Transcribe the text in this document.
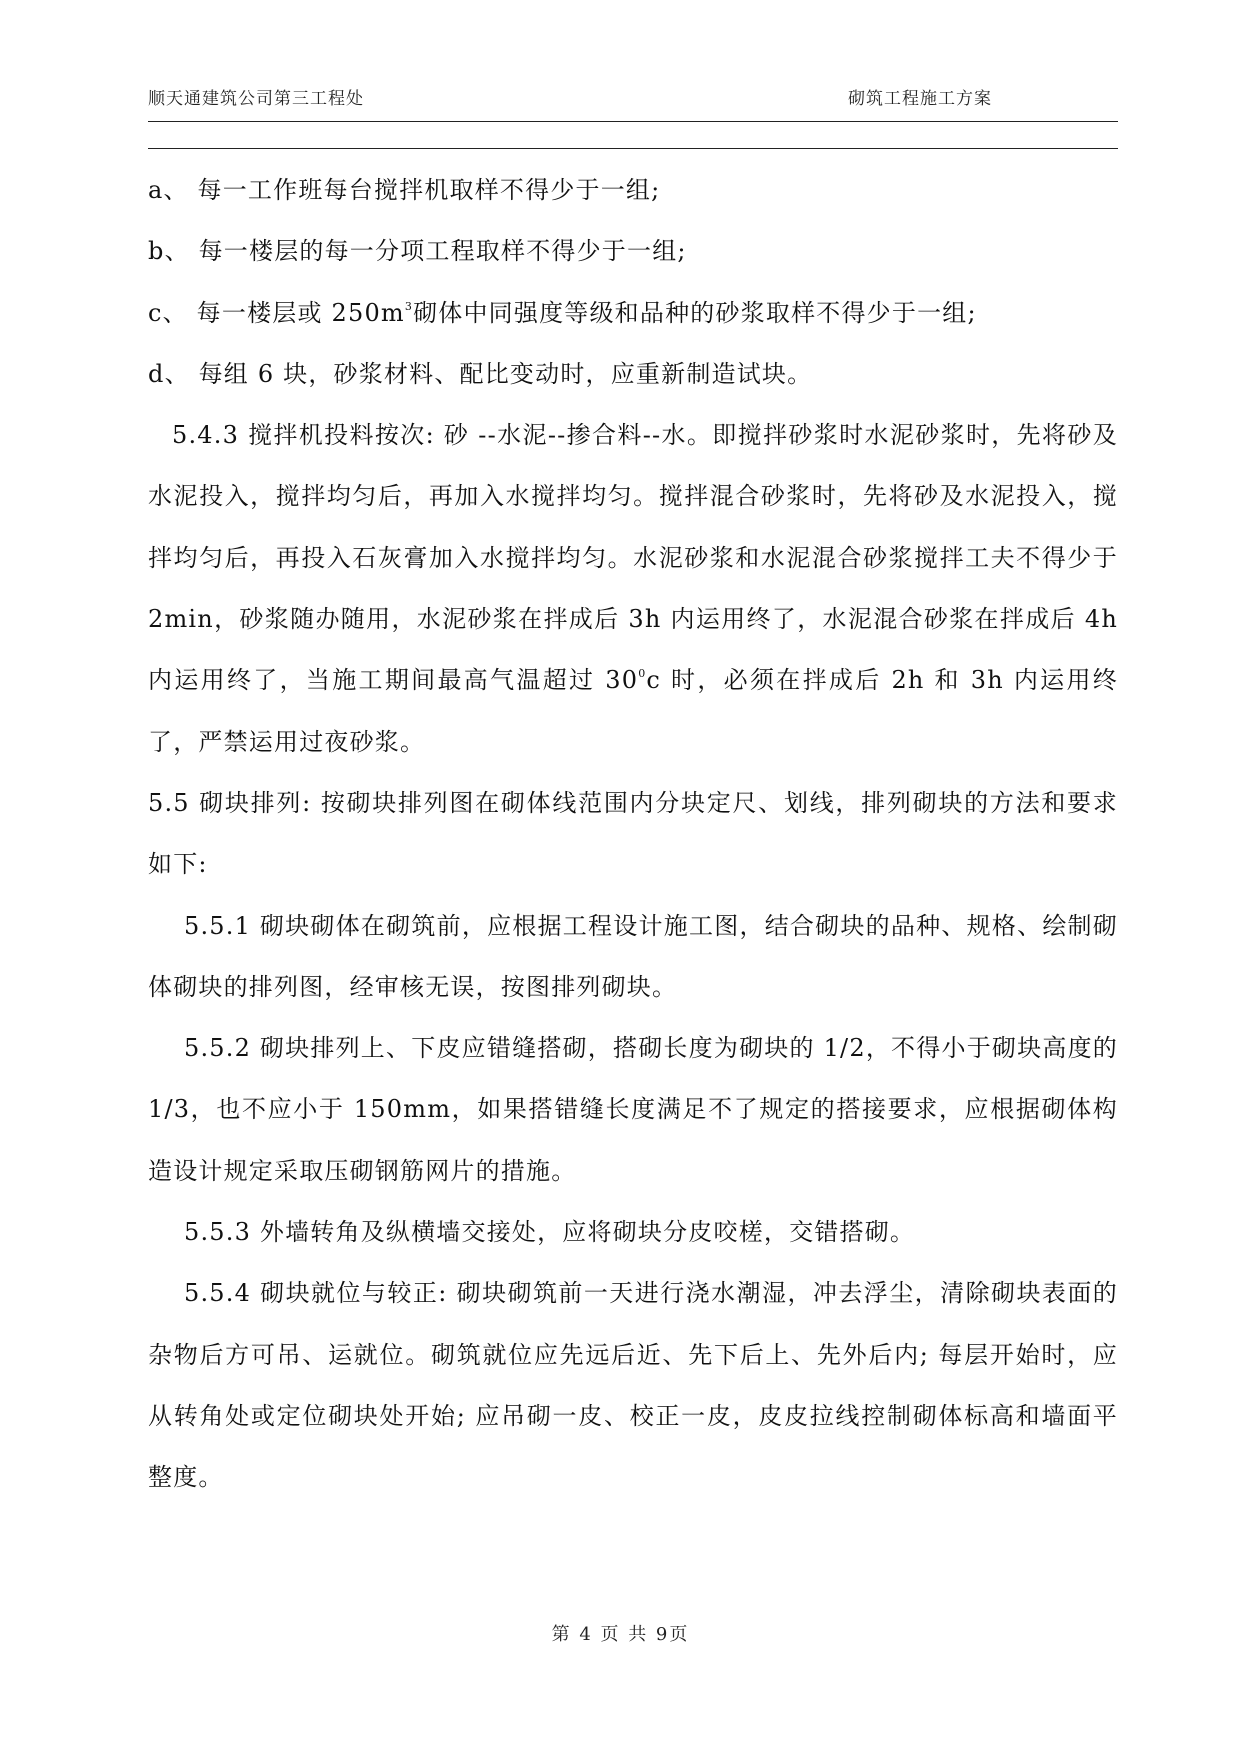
顺天通建筑公司第三工程处	砌筑工程施工方案

a、 每一工作班每台搅拌机取样不得少于一组;

b、 每一楼层的每一分项工程取样不得少于一组;

c、 每一楼层或 $250m^3$砌体中同强度等级和品种的砂浆取样不得少于一组;

d、 每组 6 块，砂浆材料、配比变动时，应重新制造试块。

5.4.3 搅拌机投料按次: 砂 --水泥--掺合料--水。即搅拌砂浆时水泥砂浆时，先将砂及水泥投入，搅拌均匀后，再加入水搅拌均匀。搅拌混合砂浆时，先将砂及水泥投入，搅拌均匀后，再投入石灰膏加入水搅拌均匀。水泥砂浆和水泥混合砂浆搅拌工夫不得少于 2min，砂浆随办随用，水泥砂浆在拌成后 3h 内运用终了，水泥混合砂浆在拌成后 4h 内运用终了，当施工期间最高气温超过 $30^0c$ 时，必须在拌成后 2h 和 3h 内运用终了，严禁运用过夜砂浆。

5.5 砌块排列: 按砌块排列图在砌体线范围内分块定尺、划线，排列砌块的方法和要求如下:

5.5.1 砌块砌体在砌筑前，应根据工程设计施工图，结合砌块的品种、规格、绘制砌体砌块的排列图，经审核无误，按图排列砌块。

5.5.2 砌块排列上、下皮应错缝搭砌，搭砌长度为砌块的 1/2，不得小于砌块高度的 1/3，也不应小于 150mm，如果搭错缝长度满足不了规定的搭接要求，应根据砌体构造设计规定采取压砌钢筋网片的措施。

5.5.3 外墙转角及纵横墙交接处，应将砌块分皮咬槎，交错搭砌。

5.5.4 砌块就位与较正: 砌块砌筑前一天进行浇水潮湿，冲去浮尘，清除砌块表面的杂物后方可吊、运就位。砌筑就位应先远后近、先下后上、先外后内; 每层开始时，应从转角处或定位砌块处开始; 应吊砌一皮、校正一皮，皮皮拉线控制砌体标高和墙面平整度。

第 4 页 共 9页
